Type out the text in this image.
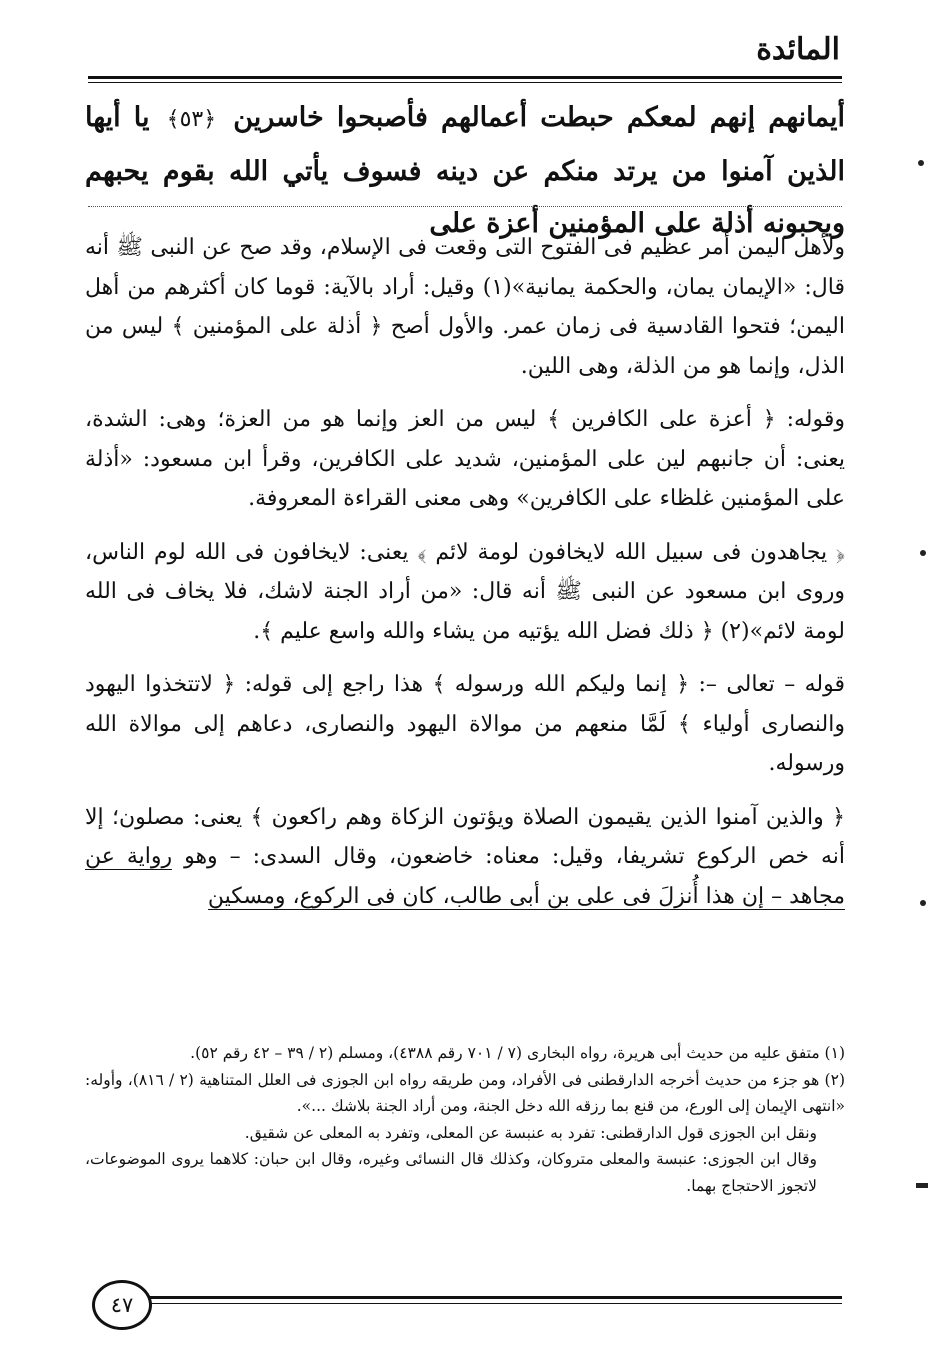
المائدة
أيمانهم إنهم لمعكم حبطت أعمالهم فأصبحوا خاسرين ﴿٥٣﴾ يا أيها الذين آمنوا من يرتد منكم عن دينه فسوف يأتي الله بقوم يحبهم ويحبونه أذلة على المؤمنين أعزة على

ولأهل اليمن أمر عظيم فى الفتوح التى وقعت فى الإسلام، وقد صح عن النبى ﷺ أنه قال: «الإيمان يمان، والحكمة يمانية»(١) وقيل: أراد بالآية: قوما كان أكثرهم من أهل اليمن؛ فتحوا القادسية فى زمان عمر. والأول أصح ﴿ أذلة على المؤمنين ﴾ ليس من الذل، وإنما هو من الذلة، وهى اللين.

وقوله: ﴿ أعزة على الكافرين ﴾ ليس من العز وإنما هو من العزة؛ وهى: الشدة، يعنى: أن جانبهم لين على المؤمنين، شديد على الكافرين، وقرأ ابن مسعود: «أذلة على المؤمنين غلظاء على الكافرين» وهى معنى القراءة المعروفة.

﴿ يجاهدون فى سبيل الله لايخافون لومة لائم ﴾ يعنى: لايخافون فى الله لوم الناس، وروى ابن مسعود عن النبى ﷺ أنه قال: «من أراد الجنة لاشك، فلا يخاف فى الله لومة لائم»(٢) ﴿ ذلك فضل الله يؤتيه من يشاء والله واسع عليم ﴾.

قوله – تعالى –: ﴿ إنما وليكم الله ورسوله ﴾ هذا راجع إلى قوله: ﴿ لاتتخذوا اليهود والنصارى أولياء ﴾ لَمَّا منعهم من موالاة اليهود والنصارى، دعاهم إلى موالاة الله ورسوله.

﴿ والذين آمنوا الذين يقيمون الصلاة ويؤتون الزكاة وهم راكعون ﴾ يعنى: مصلون؛ إلا أنه خص الركوع تشريفا، وقيل: معناه: خاضعون، وقال السدى: – وهو رواية عن مجاهد – إن هذا أُنزلَ فى على بن أبى طالب، كان فى الركوع، ومسكين

(١) متفق عليه من حديث أبى هريرة، رواه البخارى (٧ / ٧٠١ رقم ٤٣٨٨)، ومسلم (٢ / ٣٩ – ٤٢ رقم ٥٢).

(٢) هو جزء من حديث أخرجه الدارقطنى فى الأفراد، ومن طريقه رواه ابن الجوزى فى العلل المتناهية (٢ / ٨١٦)، وأوله: «انتهى الإيمان إلى الورع، من قنع بما رزقه الله دخل الجنة، ومن أراد الجنة بلاشك ...».

ونقل ابن الجوزى قول الدارقطنى: تفرد به عنبسة عن المعلى، وتفرد به المعلى عن شقيق.

وقال ابن الجوزى: عنبسة والمعلى متروكان، وكذلك قال النسائى وغيره، وقال ابن حبان: كلاهما يروى الموضوعات، لاتجوز الاحتجاج بهما.

٤٧
